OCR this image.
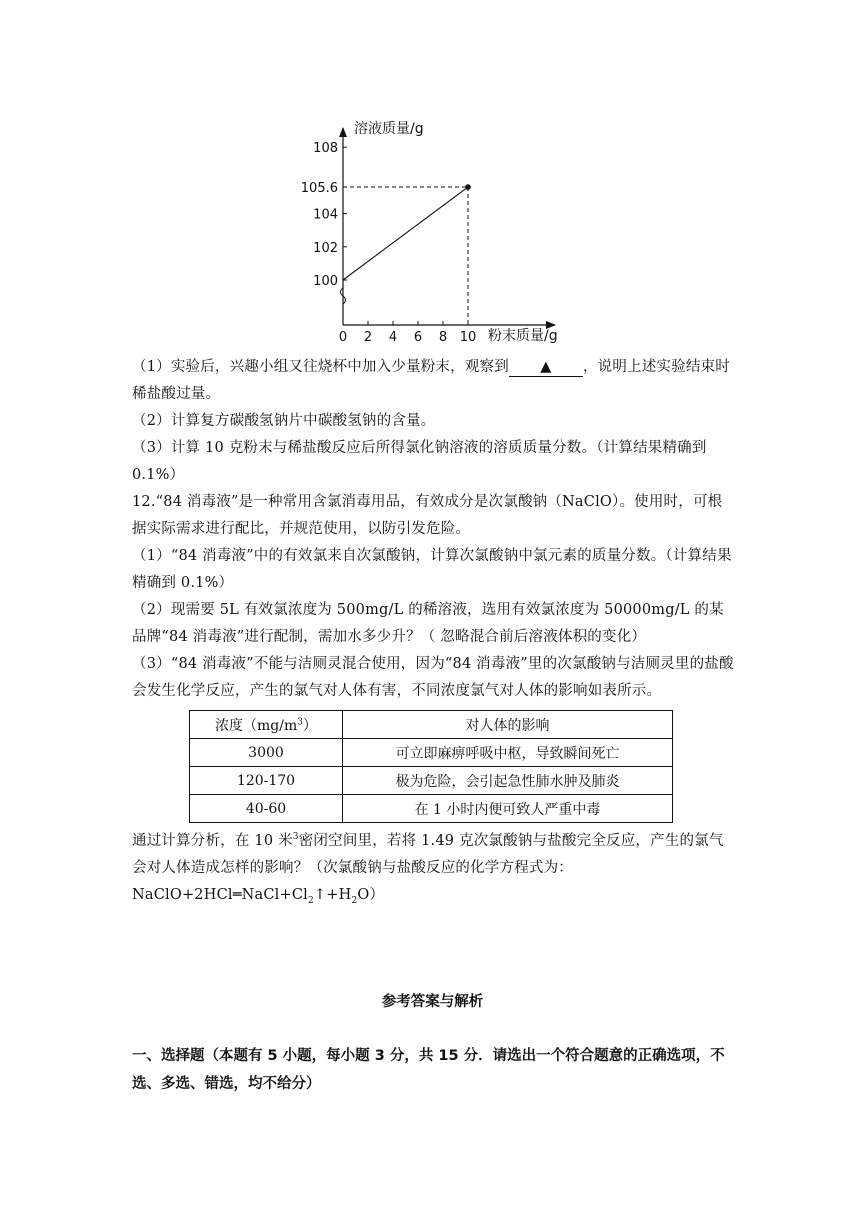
100
102
104
105.6
108
0 2 4 6 8 10
溶液质量/g
粉末质量/g
（1）实验后，兴趣小组又往烧杯中加入少量粉末，观察到 ▲ ，说明上述实验结束时稀盐酸过量。
（2）计算复方碳酸氢钠片中碳酸氢钠的含量。
（3）计算 10 克粉末与稀盐酸反应后所得氯化钠溶液的溶质质量分数。（计算结果精确到 0.1%）
12.“84 消毒液”是一种常用含氯消毒用品，有效成分是次氯酸钠（NaClO）。使用时，可根据实际需求进行配比，并规范使用，以防引发危险。
（1）“84 消毒液”中的有效氯来自次氯酸钠，计算次氯酸钠中氯元素的质量分数。（计算结果精确到 0.1%）
（2）现需要 5L 有效氯浓度为 500mg/L 的稀溶液，选用有效氯浓度为 50000mg/L 的某品牌“84 消毒液”进行配制，需加水多少升？（ 忽略混合前后溶液体积的变化）
（3）“84 消毒液”不能与洁厕灵混合使用，因为“84 消毒液”里的次氯酸钠与洁厕灵里的盐酸会发生化学反应，产生的氯气对人体有害，不同浓度氯气对人体的影响如表所示。
浓度$(mg/m^3)$	对人体的影响
3000	可立即麻痹呼吸中枢，导致瞬间死亡
120-170	极为危险，会引起急性肺水肿及肺炎
40-60	在 1 小时内便可致人严重中毒
通过计算分析，在 10 米$^3$密闭空间里，若将 1.49 克次氯酸钠与盐酸完全反应，产生的氯气会对人体造成怎样的影响？（次氯酸钠与盐酸反应的化学方程式为：$NaClO+2HCl═NaCl+Cl_2↑+H_2O$）
参考答案与解析
一、选择题（本题有 5 小题，每小题 3 分，共 15 分．请选出一个符合题意的正确选项，不选、多选、错选，均不给分）
